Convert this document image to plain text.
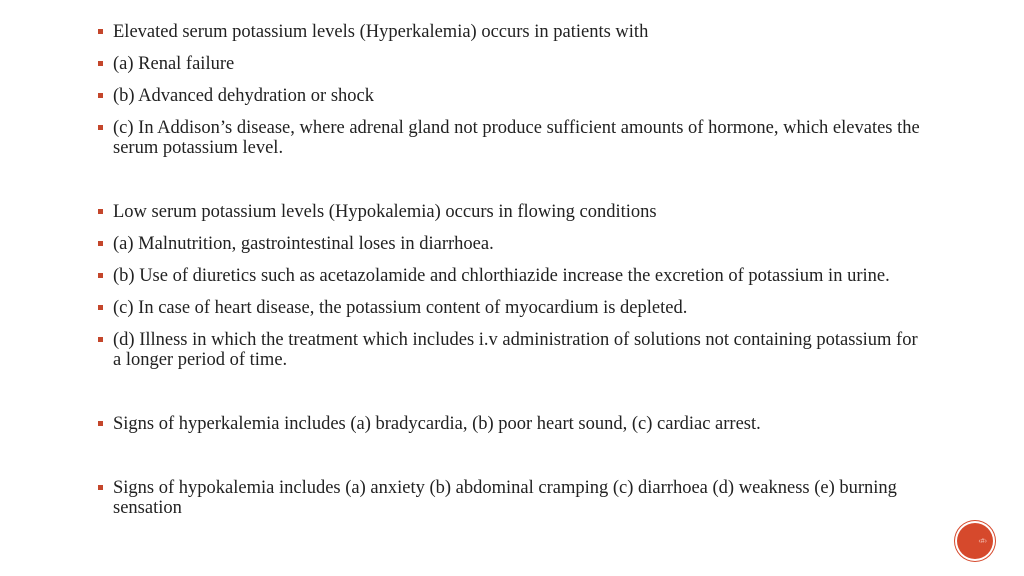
Elevated serum potassium levels (Hyperkalemia) occurs in patients with
(a) Renal failure
(b) Advanced dehydration or shock
(c) In Addison’s disease, where adrenal gland not produce sufficient amounts of hormone, which elevates the serum potassium level.
Low serum potassium levels (Hypokalemia) occurs in flowing conditions
(a) Malnutrition, gastrointestinal loses in diarrhoea.
(b) Use of diuretics such as acetazolamide and chlorthiazide increase the excretion of potassium in urine.
(c) In case of heart disease, the potassium content of myocardium is depleted.
(d) Illness in which the treatment which includes i.v administration of solutions not containing potassium for a longer period of time.
Signs of hyperkalemia includes (a) bradycardia, (b) poor heart sound, (c) cardiac arrest.
Signs of hypokalemia includes (a) anxiety (b) abdominal cramping (c) diarrhoea (d) weakness (e) burning sensation
‹#›
